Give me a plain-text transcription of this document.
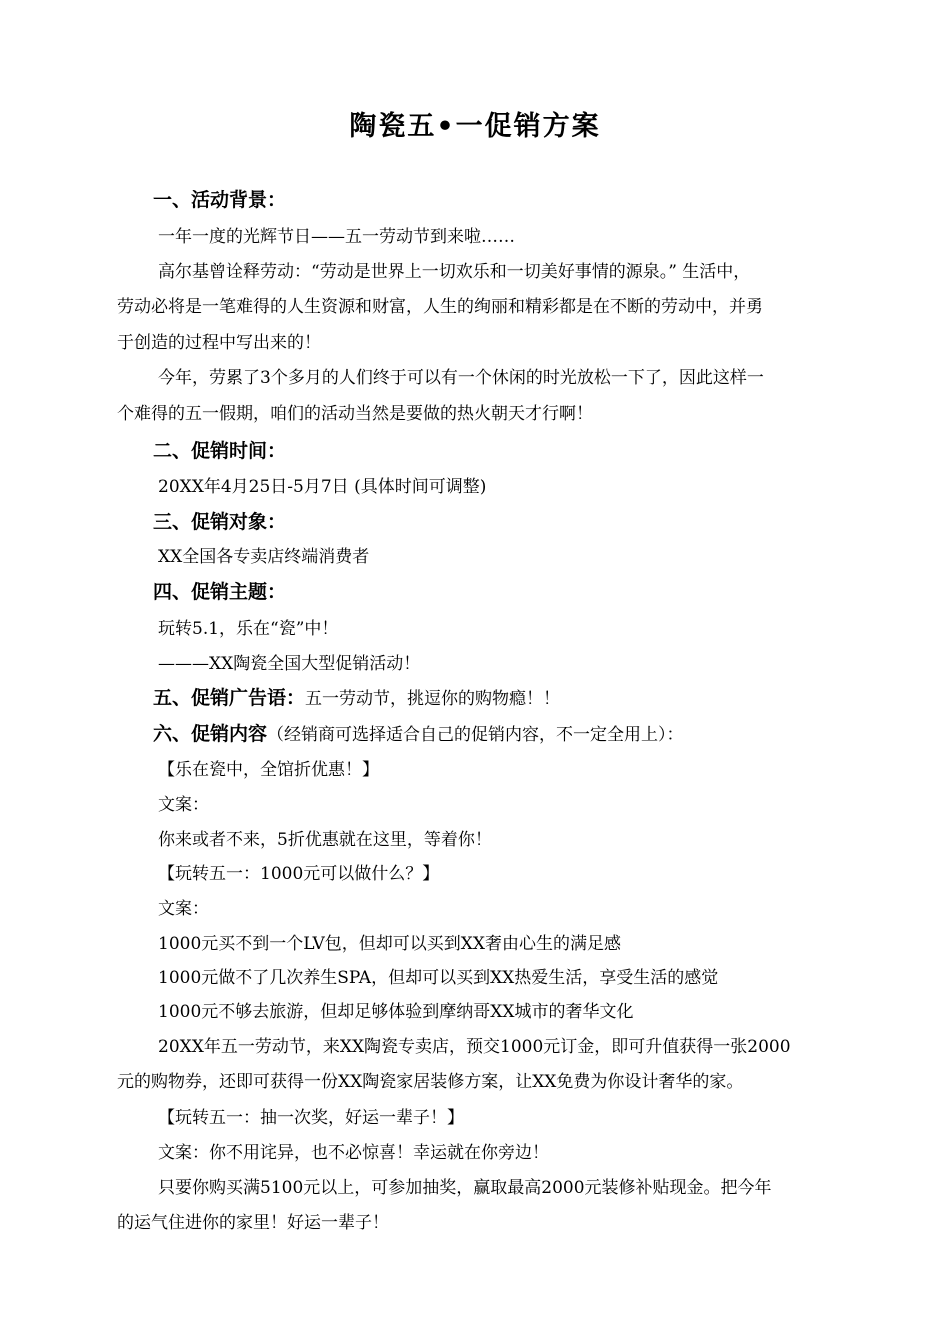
陶瓷五•一促销方案
一、活动背景：
一年一度的光辉节日——五一劳动节到来啦……
高尔基曾诠释劳动：“劳动是世界上一切欢乐和一切美好事情的源泉。” 生活中，
劳动必将是一笔难得的人生资源和财富，人生的绚丽和精彩都是在不断的劳动中，并勇
于创造的过程中写出来的！
今年，劳累了3个多月的人们终于可以有一个休闲的时光放松一下了，因此这样一
个难得的五一假期，咱们的活动当然是要做的热火朝天才行啊！
二、促销时间：
20XX年4月25日-5月7日 (具体时间可调整)
三、促销对象：
XX全国各专卖店终端消费者
四、促销主题：
玩转5.1，乐在“瓷”中！
———XX陶瓷全国大型促销活动！
五、促销广告语：五一劳动节，挑逗你的购物瘾！！
六、促销内容（经销商可选择适合自己的促销内容，不一定全用上）：
【乐在瓷中，全馆折优惠！】
文案：
你来或者不来，5折优惠就在这里，等着你！
【玩转五一：1000元可以做什么？】
文案：
1000元买不到一个LV包，但却可以买到XX奢由心生的满足感
1000元做不了几次养生SPA，但却可以买到XX热爱生活，享受生活的感觉
1000元不够去旅游，但却足够体验到摩纳哥XX城市的奢华文化
20XX年五一劳动节，来XX陶瓷专卖店，预交1000元订金，即可升值获得一张2000
元的购物券，还即可获得一份XX陶瓷家居装修方案，让XX免费为你设计奢华的家。
【玩转五一：抽一次奖，好运一辈子！】
文案：你不用诧异，也不必惊喜！幸运就在你旁边！
只要你购买满5100元以上，可参加抽奖，赢取最高2000元装修补贴现金。把今年
的运气住进你的家里！好运一辈子！
